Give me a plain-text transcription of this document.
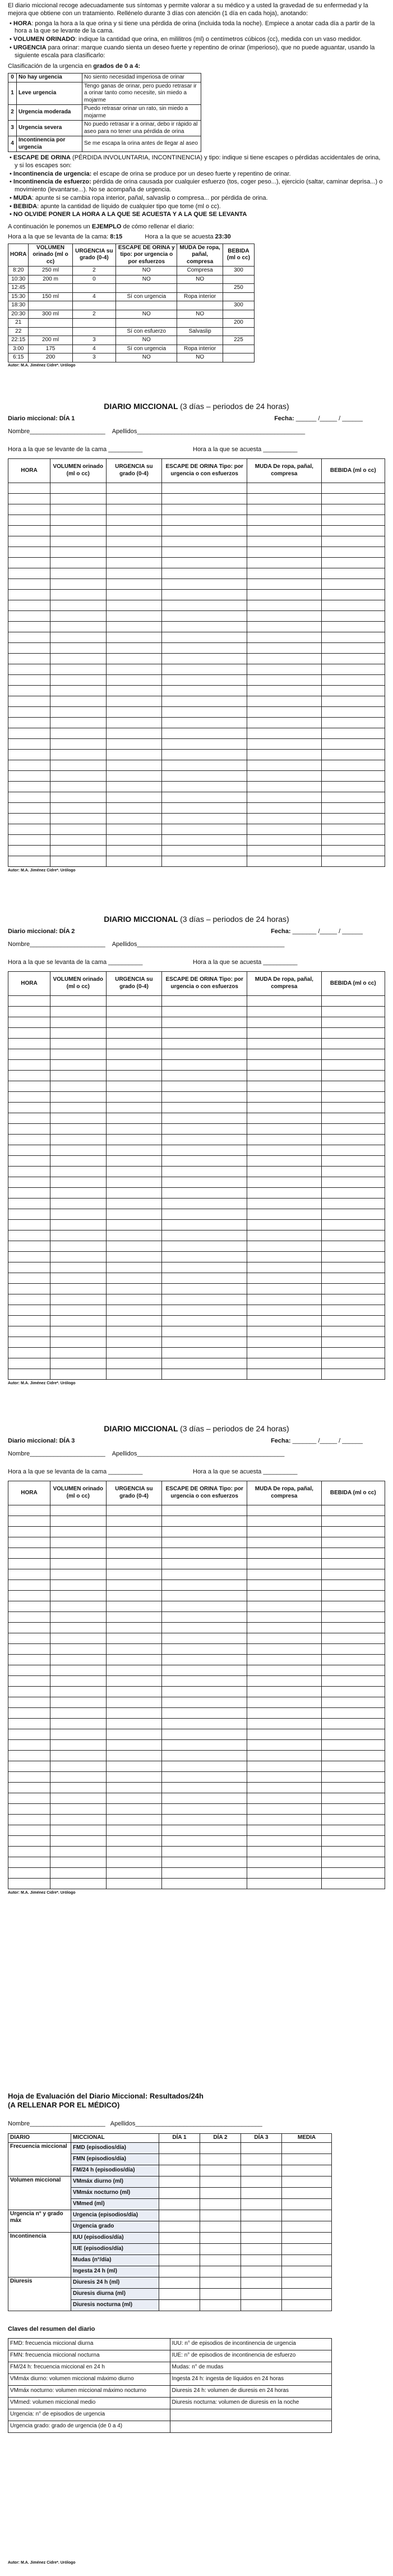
El diario miccional recoge adecuadamente sus síntomas y permite valorar a su médico y a usted la gravedad de su enfermedad y la mejora que obtiene con un tratamiento. Rellénelo durante 3 días con atención (1 día en cada hoja), anotando:

• HORA: ponga la hora a la que orina y si tiene una pérdida de orina (incluida toda la noche). Empiece a anotar cada día a partir de la hora a la que se levante de la cama.

• VOLUMEN ORINADO: indique la cantidad que orina, en mililitros (ml) o centímetros cúbicos (cc), medida con un vaso medidor.

• URGENCIA para orinar: marque cuando sienta un deseo fuerte y repentino de orinar (imperioso), que no puede aguantar, usando la siguiente escala para clasificarlo:

Clasificación de la urgencia en grados de 0 a 4:

0	No hay urgencia	No siento necesidad imperiosa de orinar
1	Leve urgencia	Tengo ganas de orinar, pero puedo retrasar ir a orinar tanto como necesite, sin miedo a mojarme
2	Urgencia moderada	Puedo retrasar orinar un rato, sin miedo a mojarme
3	Urgencia severa	No puedo retrasar ir a orinar, debo ir rápido al aseo para no tener una pérdida de orina
4	Incontinencia por urgencia	Se me escapa la orina antes de llegar al aseo

• ESCAPE DE ORINA (PÉRDIDA INVOLUNTARIA, INCONTINENCIA) y tipo: indique si tiene escapes o pérdidas accidentales de orina, y si los escapes son:

• Incontinencia de urgencia: el escape de orina se produce por un deseo fuerte y repentino de orinar.

• Incontinencia de esfuerzo: pérdida de orina causada por cualquier esfuerzo (tos, coger peso...), ejercicio (saltar, caminar deprisa...) o movimiento (levantarse...). No se acompaña de urgencia.

• MUDA: apunte si se cambia ropa interior, pañal, salvaslip o compresa... por pérdida de orina.

• BEBIDA: apunte la cantidad de líquido de cualquier tipo que tome (ml o cc).

• NO OLVIDE PONER LA HORA A LA QUE SE ACUESTA Y A LA QUE SE LEVANTA

A continuación le ponemos un EJEMPLO de cómo rellenar el diario:

Hora a la que se levanta de la cama: 8:15	Hora a la que se acuesta 23:30

HORA	VOLUMEN orinado (ml o cc)	URGENCIA su grado (0-4)	ESCAPE DE ORINA y tipo: por urgencia o por esfuerzos	MUDA De ropa, pañal, compresa	BEBIDA (ml o cc)
8:20	250 ml	2	NO	Compresa	300
10:30	200 m	0	NO	NO	
12:45					250
15:30	150 ml	4	Sí con urgencia	Ropa interior	
18:30					300
20:30	300 ml	2	NO	NO	
21					200
22			Sí con esfuerzo	Salvaslip	
22:15	200 ml	3	NO		225
3:00	175	4	Sí con urgencia	Ropa interior	
6:15	200	3	NO	NO	
Autor: M.A. Jiménez Cidre*. Urólogo
DIARIO MICCIONAL (3 días – periodos de 24 horas)
Diario miccional: DÍA 1	Fecha: ______ /_____ / ______
Nombre ______________________ Apellidos _________________________________________________
Hora a la que se levante de la cama __________	Hora a la que se acuesta __________
HORA	VOLUMEN orinado (ml o cc)	URGENCIA su grado (0-4)	ESCAPE DE ORINA Tipo: por urgencia o con esfuerzos	MUDA De ropa, pañal, compresa	BEBIDA (ml o cc)

Autor: M.A. Jiménez Cidre*. Urólogo
DIARIO MICCIONAL (3 días – periodos de 24 horas)
Diario miccional: DÍA 2	Fecha: _______ /_____ / ______
Nombre ______________________ Apellidos ___________________________________________
Hora a la que se levanta de la cama __________	Hora a la que se acuesta __________
HORA	VOLUMEN orinado (ml o cc)	URGENCIA su grado (0-4)	ESCAPE DE ORINA Tipo: por urgencia o con esfuerzos	MUDA De ropa, pañal, compresa	BEBIDA (ml o cc)

Autor: M.A. Jiménez Cidre*. Urólogo
DIARIO MICCIONAL (3 días – periodos de 24 horas)
Diario miccional: DÍA 3	Fecha: _______ /_____ / ______
Nombre ______________________ Apellidos ___________________________________________
Hora a la que se levanta de la cama __________	Hora a la que se acuesta __________
HORA	VOLUMEN orinado (ml o cc)	URGENCIA su grado (0-4)	ESCAPE DE ORINA Tipo: por urgencia o con esfuerzos	MUDA De ropa, pañal, compresa	BEBIDA (ml o cc)

Autor: M.A. Jiménez Cidre*. Urólogo
Hoja de Evaluación del Diario Miccional: Resultados/24h
(A RELLENAR POR EL MÉDICO)
Nombre______________________ Apellidos_____________________________________
DIARIO	MICCIONAL	DÍA 1	DÍA 2	DÍA 3	MEDIA
Frecuencia miccional	FMD (episodios/día)				
	FMN (episodios/día)				
	FM/24 h (episodios/día)				
Volumen miccional	VMmáx diurno (ml)				
	VMmáx nocturno (ml)				
	VMmed (ml)				
Urgencia n° y grado máx	Urgencia (episodios/día)				
	Urgencia grado				
Incontinencia	IUU (episodios/día)				
	IUE (episodios/día)				
	Mudas (n°/día)				
	Ingesta 24 h (ml)				
Diuresis	Diuresis 24 h (ml)				
	Diuresis diurna (ml)				
	Diuresis nocturna (ml)				
Claves del resumen del diario
FMD: frecuencia miccional diurna	IUU: n° de episodios de incontinencia de urgencia
FMN: frecuencia miccional nocturna	IUE: n° de episodios de incontinencia de esfuerzo
FM/24 h: frecuencia miccional en 24 h	Mudas: n° de mudas
VMmáx diurno: volumen miccional máximo diurno	Ingesta 24 h: ingesta de líquidos en 24 horas
VMmáx nocturno: volumen miccional máximo nocturno	Diuresis 24 h: volumen de diuresis en 24 horas
VMmed: volumen miccional medio	Diuresis nocturna: volumen de diuresis en la noche
Urgencia: n° de episodios de urgencia	
Urgencia grado: grado de urgencia (de 0 a 4)	
Autor: M.A. Jiménez Cidre*. Urólogo
